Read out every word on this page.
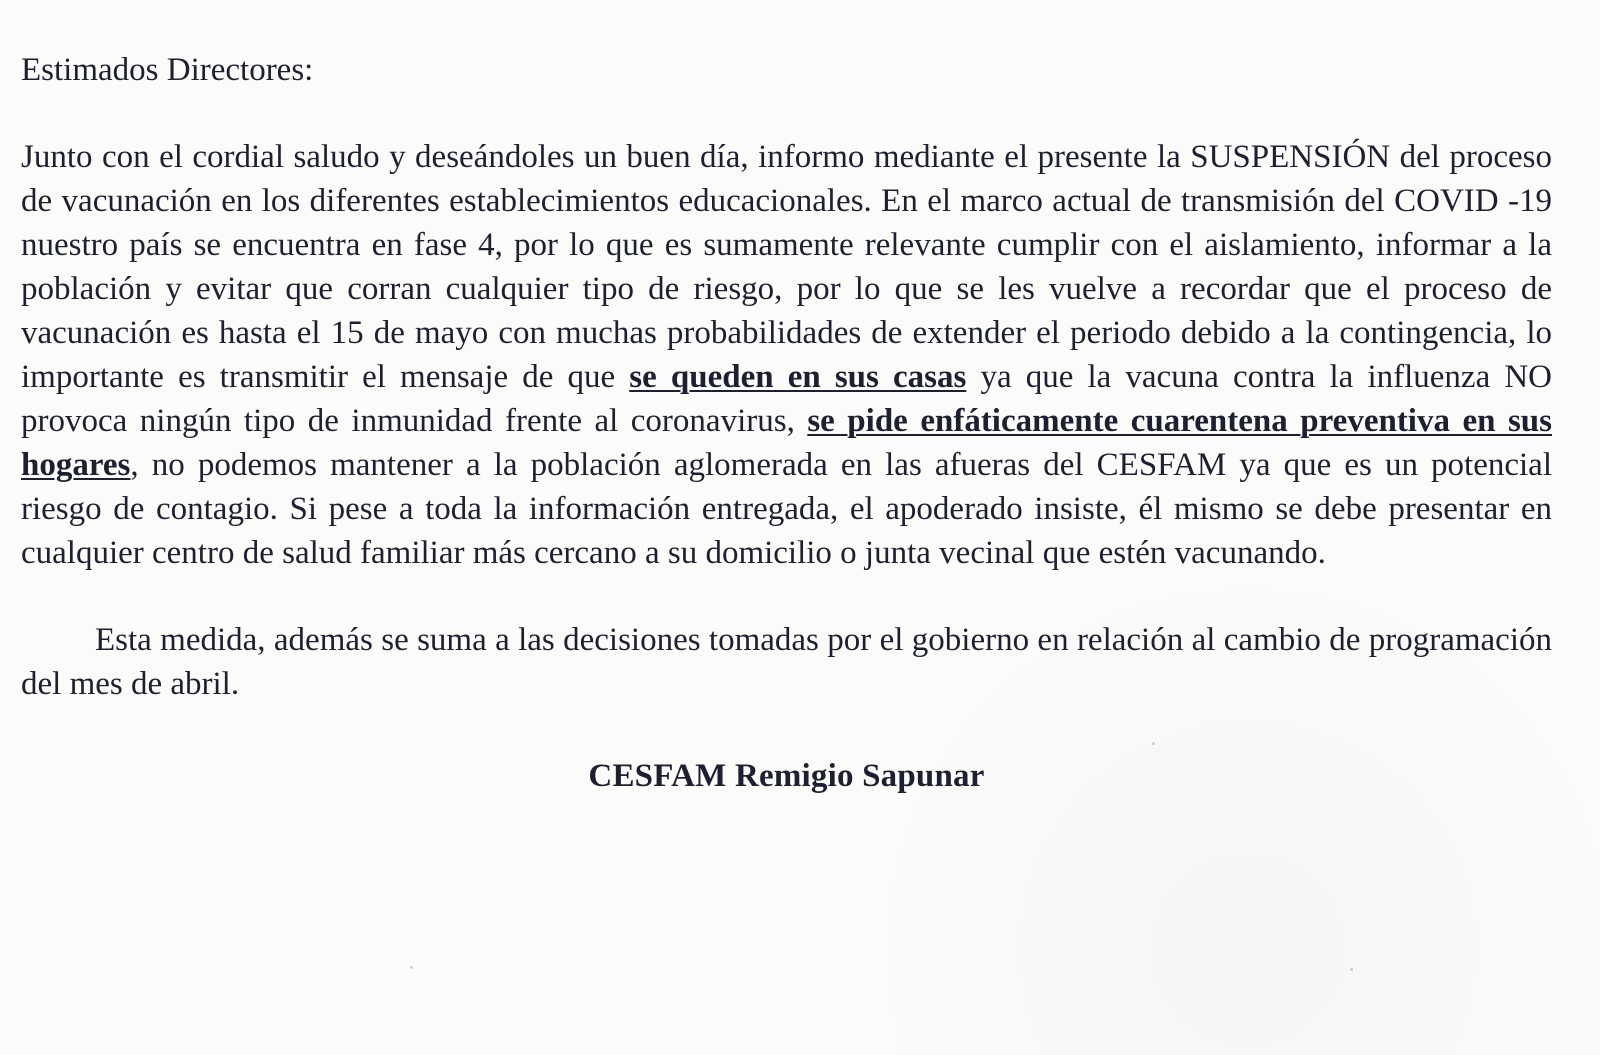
Estimados Directores:

Junto con el cordial saludo y deseándoles un buen día, informo mediante el presente la SUSPENSIÓN del proceso de vacunación en los diferentes establecimientos educacionales. En el marco actual de transmisión del COVID -19 nuestro país se encuentra en fase 4, por lo que es sumamente relevante cumplir con el aislamiento, informar a la población y evitar que corran cualquier tipo de riesgo, por lo que se les vuelve a recordar que el proceso de vacunación es hasta el 15 de mayo con muchas probabilidades de extender el periodo debido a la contingencia, lo importante es transmitir el mensaje de que se queden en sus casas ya que la vacuna contra la influenza NO provoca ningún tipo de inmunidad frente al coronavirus, se pide enfáticamente cuarentena preventiva en sus hogares, no podemos mantener a la población aglomerada en las afueras del CESFAM ya que es un potencial riesgo de contagio. Si pese a toda la información entregada, el apoderado insiste, él mismo se debe presentar en cualquier centro de salud familiar más cercano a su domicilio o junta vecinal que estén vacunando.

Esta medida, además se suma a las decisiones tomadas por el gobierno en relación al cambio de programación del mes de abril.

CESFAM Remigio Sapunar
